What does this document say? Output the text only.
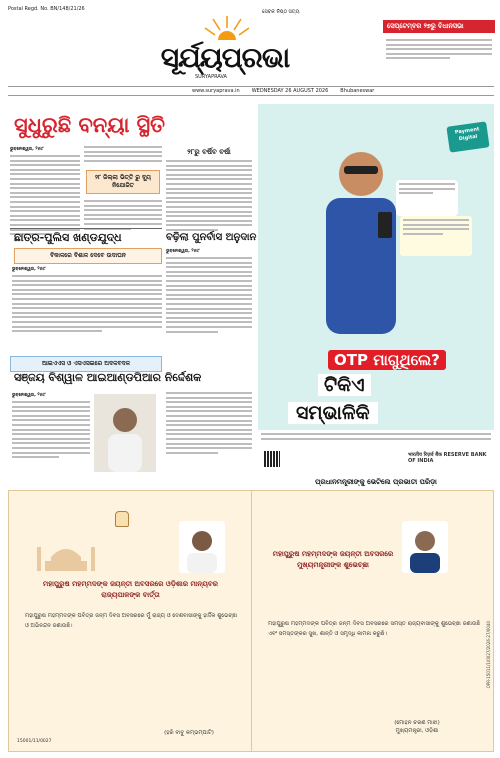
Postal Regd. No. BN/148/21/26	ସେବକ ନିଷ୍ଠ ସତ୍ୟ
ସୂର୍ଯ୍ୟପ୍ରଭା
SURYAPRAVA
ସେପ୍ଟେମ୍ବର ୨୭ରୁ ବିଧାନସଭା
www.suryaprava.in WEDNESDAY 26 AUGUST 2026 Bhubaneswar
ସୁଧୁରୁଛି ବନ୍ୟା ସ୍ଥିତି
ଭୁବନେଶ୍ୱର, ୨୫ା୮
୨୮ ଜିଲ୍ଲା ଭିତ୍ତି ରୁ ବ୍ୟୂ ନିଯୋଜିତ
୨୮ରୁ ବର୍ଷିବ ବର୍ଷା
ଛାତ୍ର-ପୁଲିସ ଖଣ୍ଡଯୁଦ୍ଧ
ବିକାଳରେ ବିଶାଳ ଦେବେ ଉଦାଘନ
ଭୁବନେଶ୍ୱର, ୨୫ା୮
ବଢ଼ିଲା ପୁନର୍ବାସ ଅନୁଦାନ
ଭୁବନେଶ୍ୱର, ୨୫ା୮
ଆଇଏଏସ ଓ ଏସଏସଇରେ ଅଦଳବଦଳ
ସଞ୍ଜୟ ବିଶ୍ୱାଳ ଆଇଆଣ୍ଡପିଆର ନିର୍ଦ୍ଦେଶକ
ଭୁବନେଶ୍ୱର, ୨୫ା୮
Payment Digital
OTP ମାଗୁଥିଲେ?
ଟିକିଏ
ସମ୍ଭାଳିକି
भारतीय रिज़र्व बैंक RESERVE BANK OF INDIA
ପ୍ରଧାନମନ୍ତ୍ରୀଙ୍କୁ ଭେଟିଲେ ପ୍ରଭାତୀ ପରିଡ଼ା
ମହାପୁରୁଷ ମହମ୍ମଦଙ୍କ ଜୟନ୍ତୀ ଅବସରରେ ଓଡ଼ିଶାର ମାନ୍ୟବର ରାଜ୍ୟପାଳଙ୍କ ବାର୍ତ୍ତା
ମହାପୁରୁଷ ମହମ୍ମଦଙ୍କ ପବିତ୍ର ଜନ୍ମ ଦିବସ ଅବସରରେ ମୁଁ ରାଜ୍ୟ ଓ ଦେଶବାସୀଙ୍କୁ ହାର୍ଦ୍ଦିକ ଶୁଭେଚ୍ଛା ଓ ଅଭିନନ୍ଦନ ଜଣାଉଛି।
(ହରି ବାବୁ କମ୍ଭମ୍ପାଟି)
15001/11/0027
ମହାପୁରୁଷ ମହମ୍ମଦଙ୍କ ଜୟନ୍ତୀ ଅବସରରେ ମୁଖ୍ୟମନ୍ତ୍ରୀଙ୍କ ଶୁଭେଚ୍ଛା
ମହାପୁରୁଷ ମହମ୍ମଦଙ୍କ ପବିତ୍ର ଜନ୍ମ ଦିବସ ଅବସରରେ ସମସ୍ତ ରାଜ୍ୟବାସୀଙ୍କୁ ଶୁଭେଚ୍ଛା ଜଣାଉଛି ଏବଂ ସମସ୍ତଙ୍କର ସୁଖ, ଶାନ୍ତି ଓ ସମୃଦ୍ଧି କାମନା କରୁଛି।
(ମୋହନ ଚରଣ ମାଝୀ)
ମୁଖ୍ୟମନ୍ତ୍ରୀ, ଓଡ଼ିଶା
OPR-15011/1/0027/2026-27/0040
